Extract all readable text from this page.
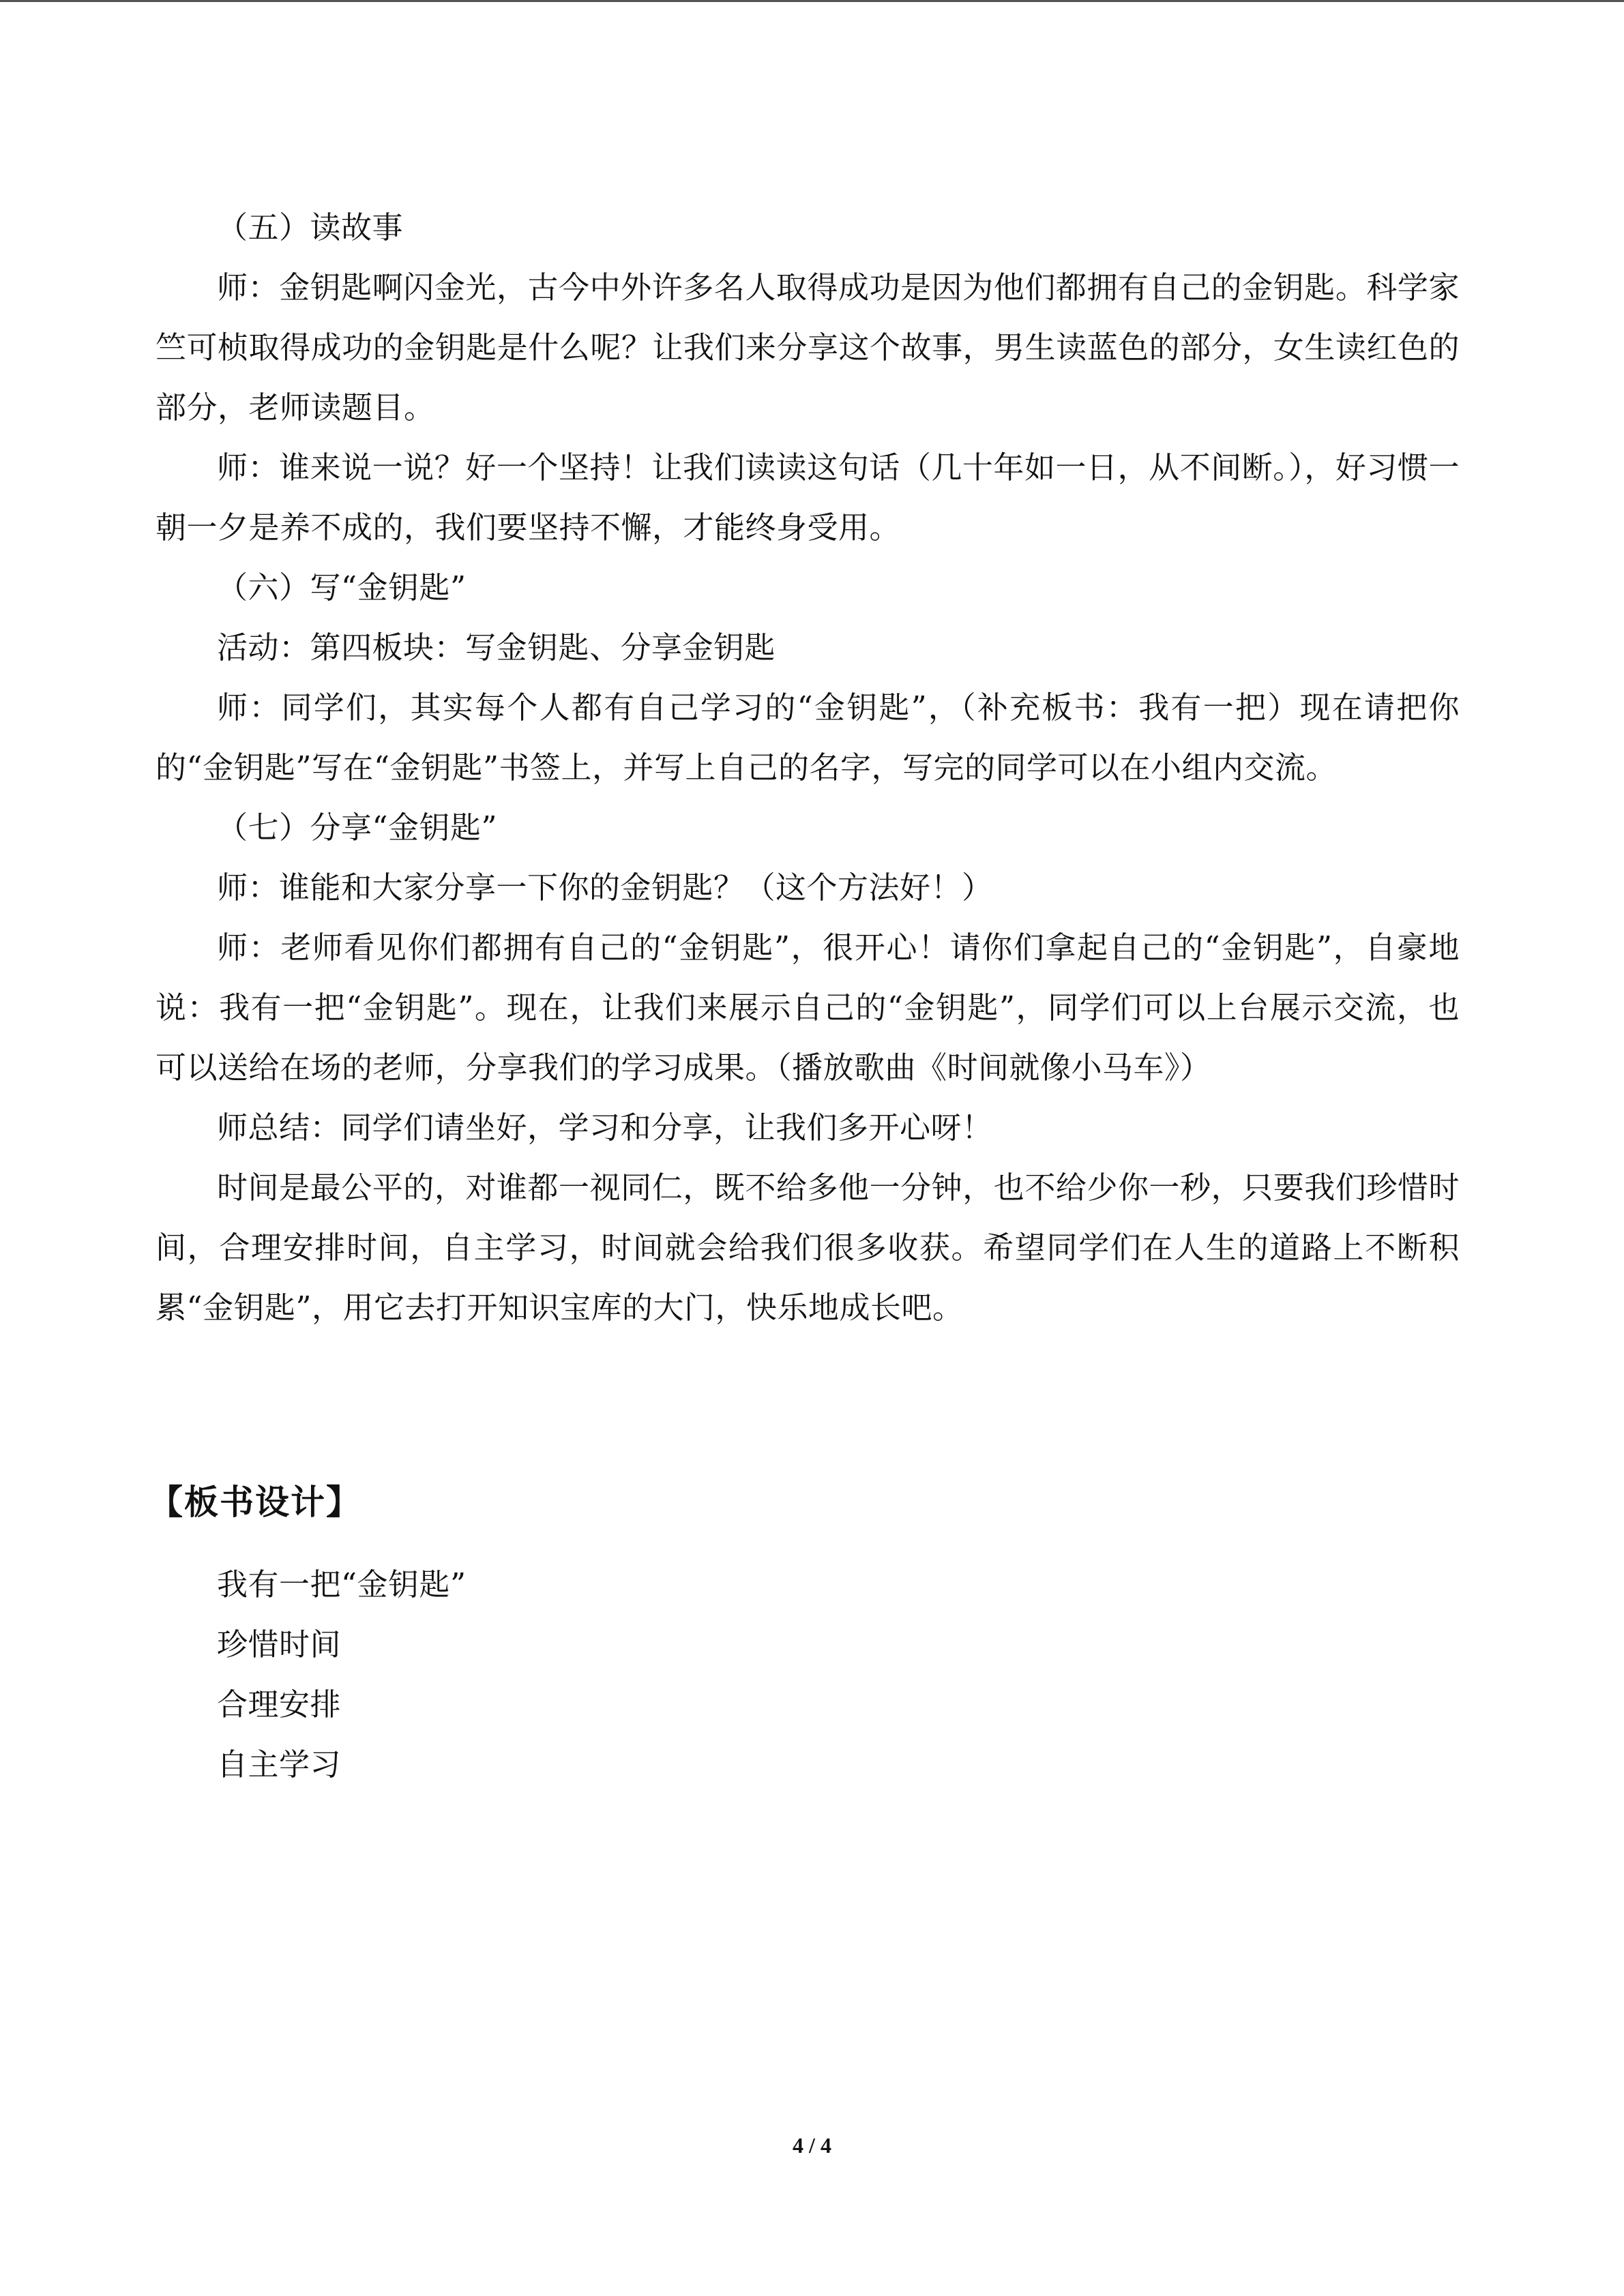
（五）读故事

师：金钥匙啊闪金光，古今中外许多名人取得成功是因为他们都拥有自己的金钥匙。科学家竺可桢取得成功的金钥匙是什么呢？让我们来分享这个故事，男生读蓝色的部分，女生读红色的部分，老师读题目。

师：谁来说一说？好一个坚持！让我们读读这句话（几十年如一日，从不间断。），好习惯一朝一夕是养不成的，我们要坚持不懈，才能终身受用。

（六）写“金钥匙”

活动：第四板块：写金钥匙、分享金钥匙

师：同学们，其实每个人都有自己学习的“金钥匙”，（补充板书：我有一把）现在请把你的“金钥匙”写在“金钥匙”书签上，并写上自己的名字，写完的同学可以在小组内交流。

（七）分享“金钥匙”

师：谁能和大家分享一下你的金钥匙？（这个方法好！）

师：老师看见你们都拥有自己的“金钥匙”，很开心！请你们拿起自己的“金钥匙”，自豪地说：我有一把“金钥匙”。现在，让我们来展示自己的“金钥匙”，同学们可以上台展示交流，也可以送给在场的老师，分享我们的学习成果。（播放歌曲《时间就像小马车》）

师总结：同学们请坐好，学习和分享，让我们多开心呀！

时间是最公平的，对谁都一视同仁，既不给多他一分钟，也不给少你一秒，只要我们珍惜时间，合理安排时间，自主学习，时间就会给我们很多收获。希望同学们在人生的道路上不断积累“金钥匙”，用它去打开知识宝库的大门，快乐地成长吧。

【板书设计】

我有一把“金钥匙”

珍惜时间

合理安排

自主学习

4 / 4
